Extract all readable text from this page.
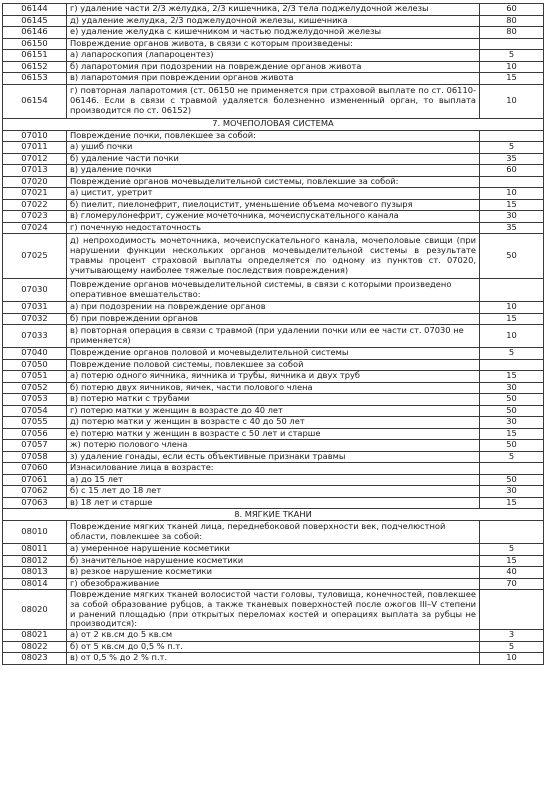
06144	г) удаление части 2/3 желудка, 2/3 кишечника, 2/3 тела поджелудочной железы	60
06145	д) удаление желудка, 2/3 поджелудочной железы, кишечника	80
06146	е) удаление желудка с кишечником и частью поджелудочной железы	80
06150	Повреждение органов живота, в связи с которым произведены:	
06151	а) лапароскопия (лапароцентез)	5
06152	б) лапаротомия при подозрении на повреждение органов живота	10
06153	в) лапаротомия при повреждении органов живота	15
06154	г) повторная лапаротомия (ст. 06150 не применяется при страховой выплате по ст. 06110-06146. Если в связи с травмой удаляется болезненно измененный орган, то выплата производится по ст. 06152)	10
7. МОЧЕПОЛОВАЯ СИСТЕМА		
07010	Повреждение почки, повлекшее за собой:	
07011	а) ушиб почки	5
07012	б) удаление части почки	35
07013	в) удаление почки	60
07020	Повреждение органов мочевыделительной системы, повлекшие за собой:	
07021	а) цистит, уретрит	10
07022	б) пиелит, пиелонефрит, пиелоцистит, уменьшение объема мочевого пузыря	15
07023	в) гломерулонефрит, сужение мочеточника, мочеиспускательного канала	30
07024	г) почечную недостаточность	35
07025	д) непроходимость мочеточника, мочеиспускательного канала, мочеполовые свищи (при нарушении функции нескольких органов мочевыделительной системы в результате травмы процент страховой выплаты определяется по одному из пунктов ст. 07020, учитывающему наиболее тяжелые последствия повреждения)	50
07030	Повреждение органов мочевыделительной системы, в связи с которыми произведено оперативное вмешательство:	
07031	а) при подозрении на повреждение органов	10
07032	б) при повреждении органов	15
07033	в) повторная операция в связи с травмой (при удалении почки или ее части ст. 07030 не применяется)	10
07040	Повреждение органов половой и мочевыделительной системы	5
07050	Повреждение половой системы, повлекшее за собой	
07051	а) потерю одного яичника, яичника и трубы, яичника и двух труб	15
07052	б) потерю двух яичников, яичек, части полового члена	30
07053	в) потерю матки с трубами	50
07054	г) потерю матки у женщин в возрасте до 40 лет	50
07055	д) потерю матки у женщин в возрасте с 40 до 50 лет	30
07056	е) потерю матки у женщин в возрасте с 50 лет и старше	15
07057	ж) потерю полового члена	50
07058	з) удаление гонады, если есть объективные признаки травмы	5
07060	Изнасилование лица в возрасте:	
07061	а) до 15 лет	50
07062	б) с 15 лет до 18 лет	30
07063	в) 18 лет и старше	15
8. МЯГКИЕ ТКАНИ		
08010	Повреждение мягких тканей лица, переднебоковой поверхности век, подчелюстной области, повлекшее за собой:	
08011	а) умеренное нарушение косметики	5
08012	б) значительное нарушение косметики	15
08013	в) резкое нарушение косметики	40
08014	г) обезображивание	70
08020	Повреждение мягких тканей волосистой части головы, туловища, конечностей, повлекшее за собой образование рубцов, а также тканевых поверхностей после ожогов III–V степени и ранений площадью (при открытых переломах костей и операциях выплата за рубцы не производится):	
08021	а) от 2 кв.см до 5 кв.см	3
08022	б) от 5 кв.см до 0,5 % п.т.	5
08023	в) от 0,5 % до 2 % п.т.	10
